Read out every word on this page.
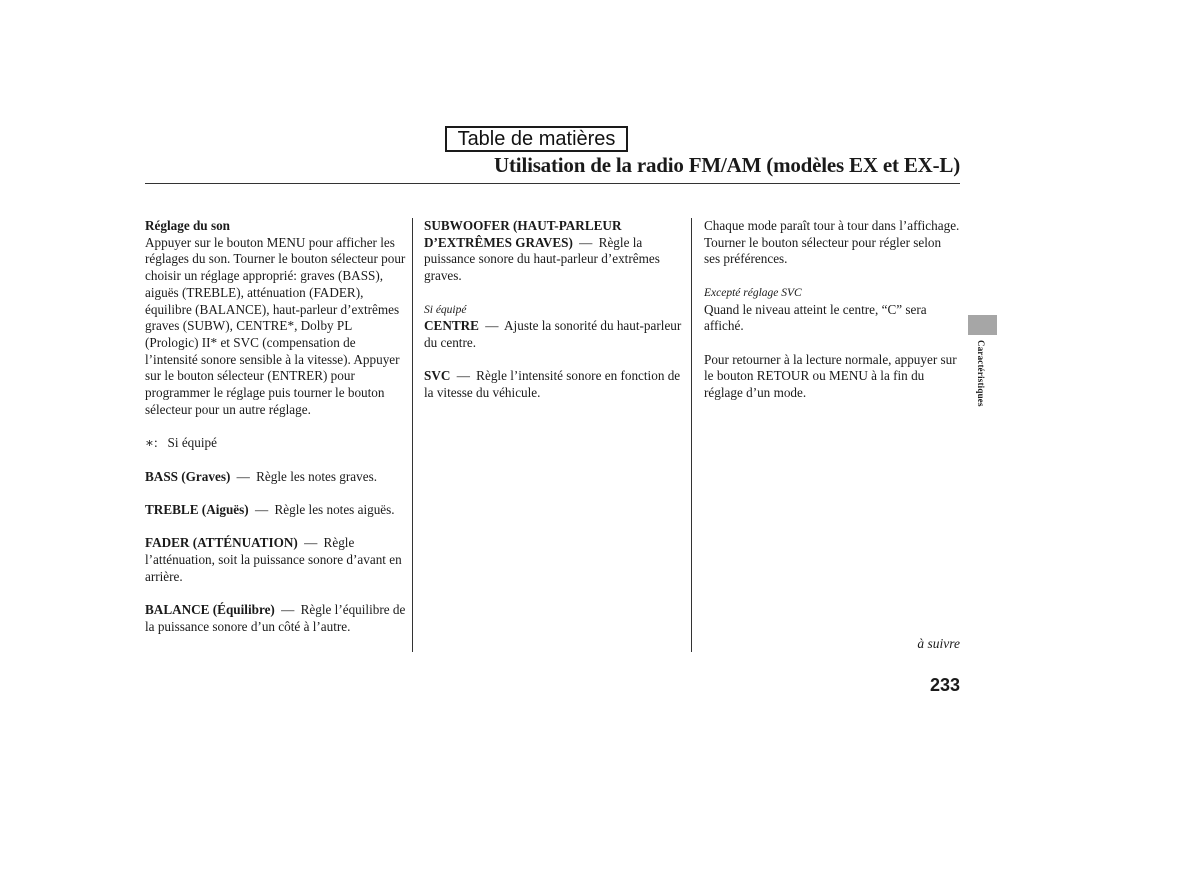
Table de matières
Utilisation de la radio FM/AM (modèles EX et EX-L)

Réglage du son
Appuyer sur le bouton MENU pour afficher les réglages du son. Tourner le bouton sélecteur pour choisir un réglage approprié: graves (BASS), aiguës (TREBLE), atténuation (FADER), équilibre (BALANCE), haut-parleur d’extrêmes graves (SUBW), CENTRE*, Dolby PL (Prologic) II* et SVC (compensation de l’intensité sonore sensible à la vitesse). Appuyer sur le bouton sélecteur (ENTRER) pour programmer le réglage puis tourner le bouton sélecteur pour un autre réglage.

∗: Si équipé

BASS (Graves) — Règle les notes graves.

TREBLE (Aiguës) — Règle les notes aiguës.

FADER (ATTÉNUATION) — Règle l’atténuation, soit la puissance sonore d’avant en arrière.

BALANCE (Équilibre) — Règle l’équilibre de la puissance sonore d’un côté à l’autre.

SUBWOOFER (HAUT-PARLEUR D’EXTRÊMES GRAVES) — Règle la puissance sonore du haut-parleur d’extrêmes graves.

Si équipé
CENTRE — Ajuste la sonorité du haut-parleur du centre.

SVC — Règle l’intensité sonore en fonction de la vitesse du véhicule.

Chaque mode paraît tour à tour dans l’affichage. Tourner le bouton sélecteur pour régler selon ses préférences.

Excepté réglage SVC
Quand le niveau atteint le centre, “C” sera affiché.

Pour retourner à la lecture normale, appuyer sur le bouton RETOUR ou MENU à la fin du réglage d’un mode.	Caractéristiques
à suivre
233
